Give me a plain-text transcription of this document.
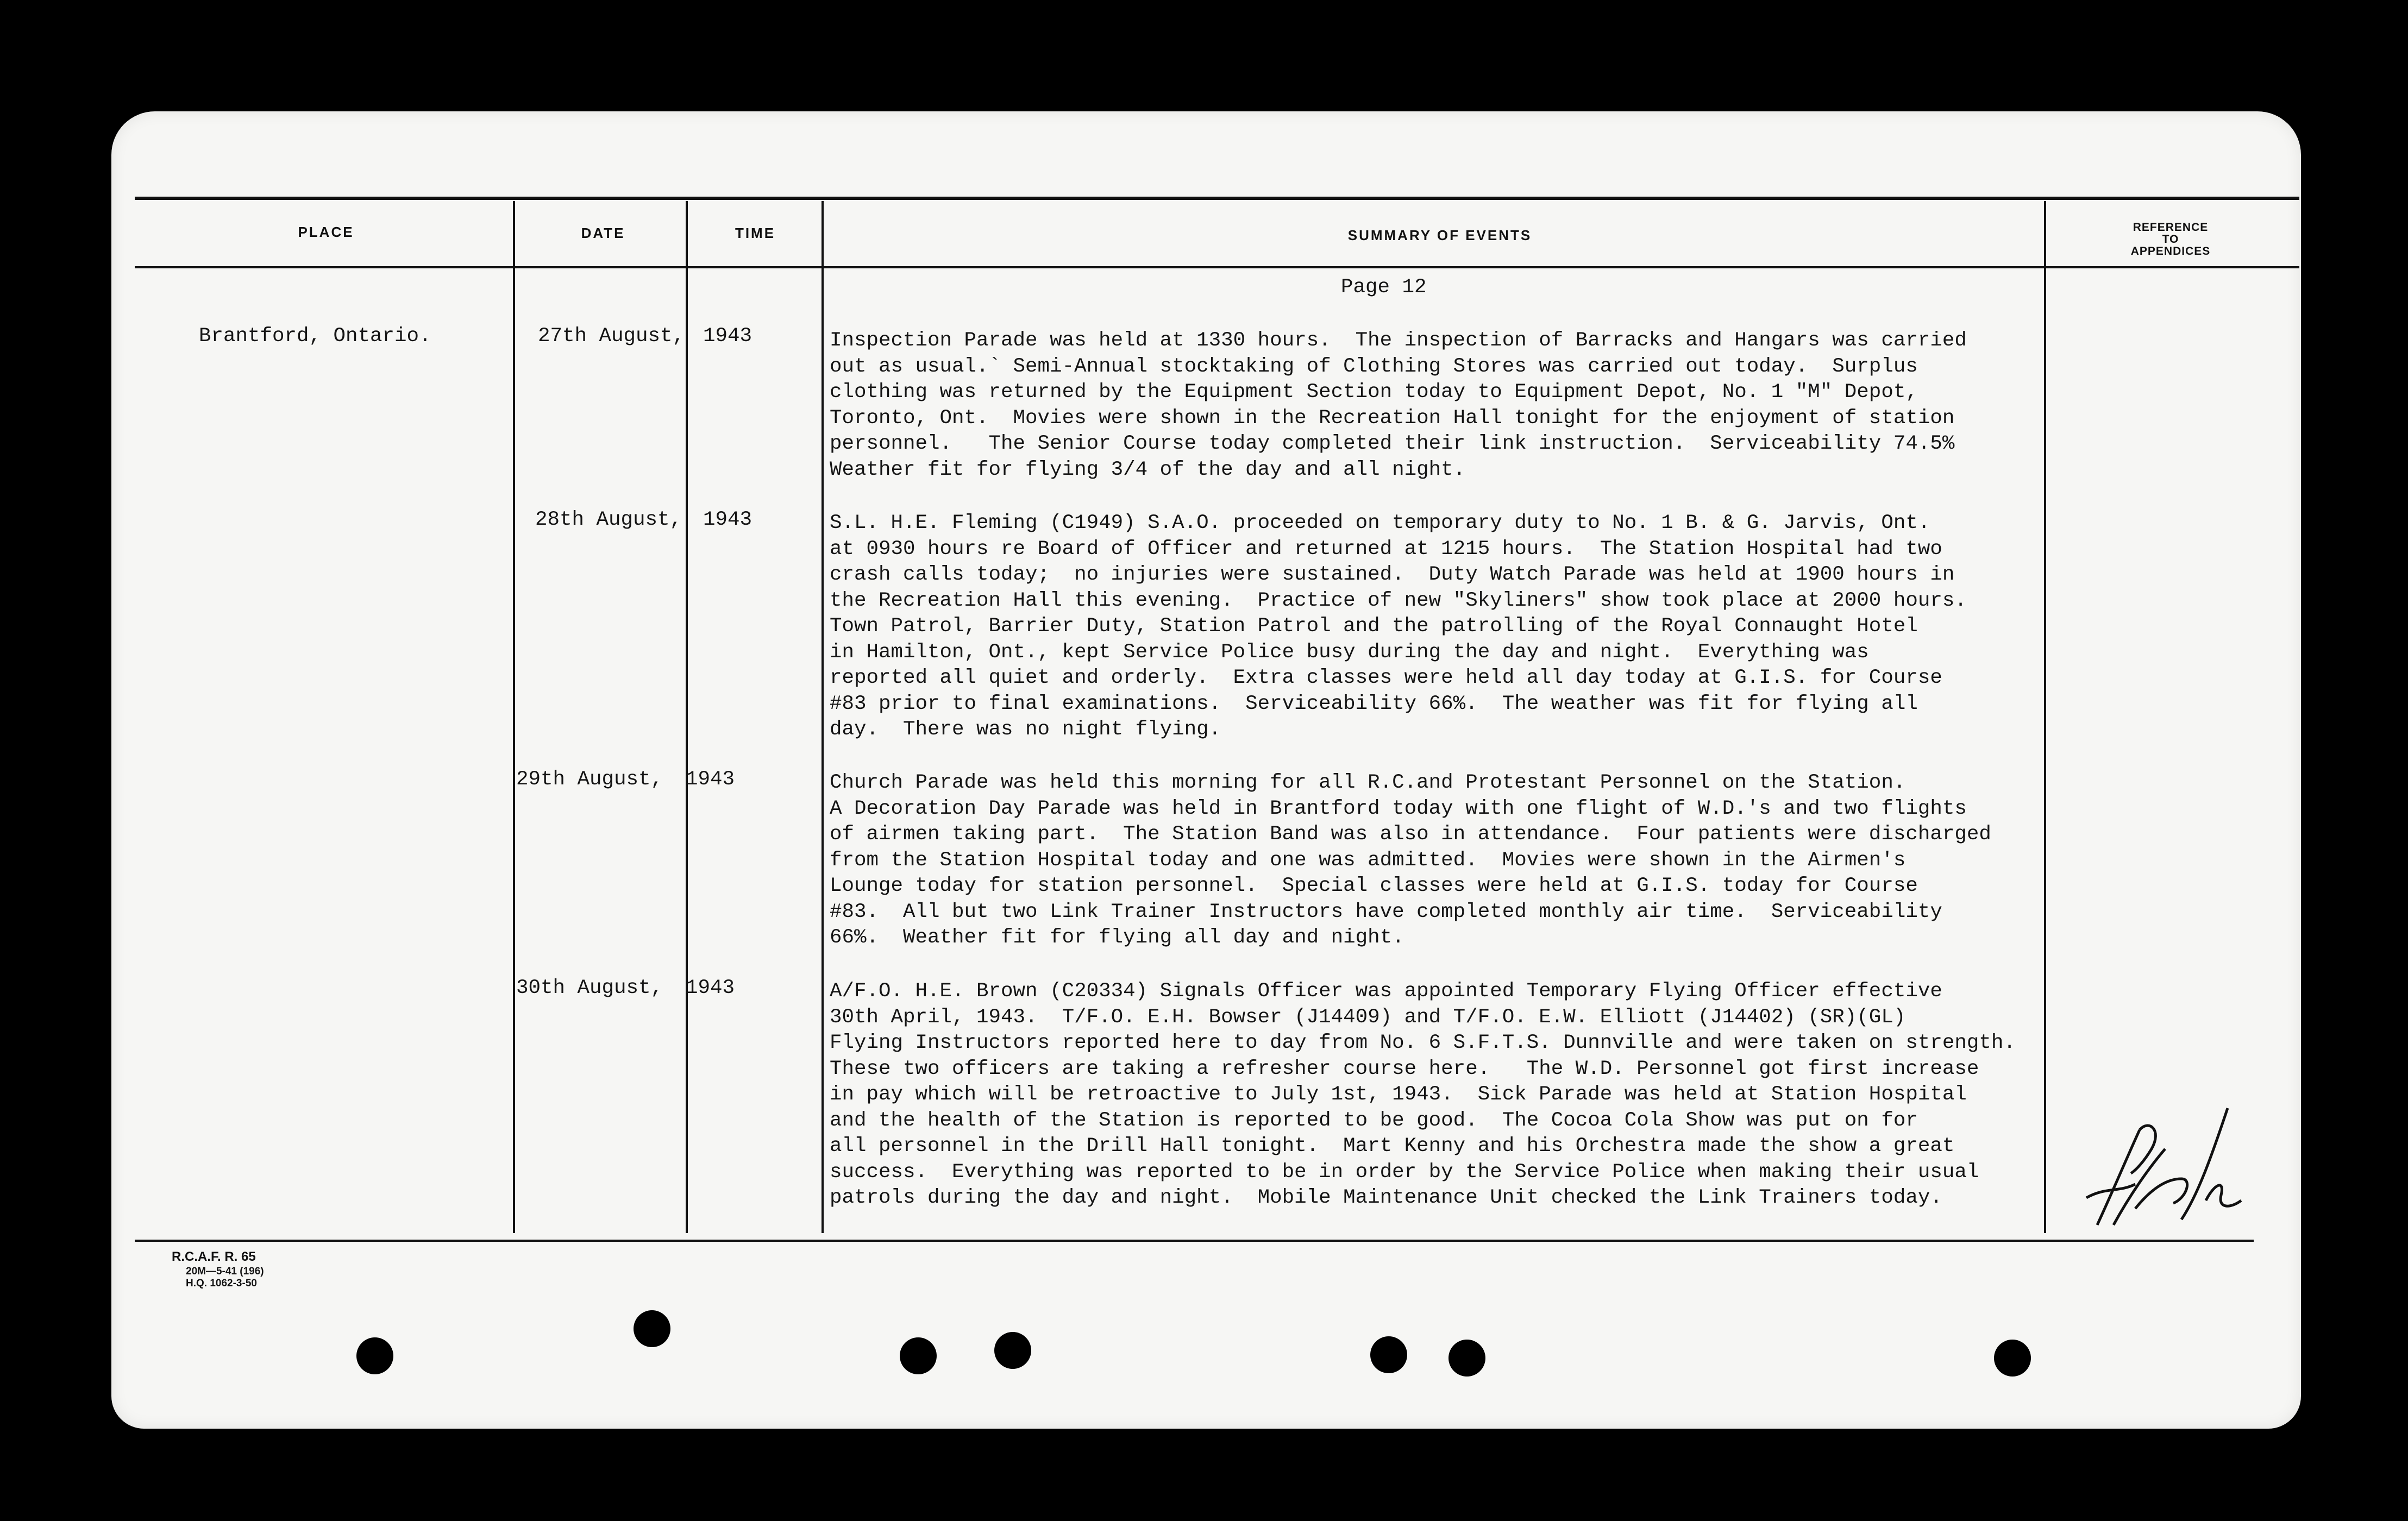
PLACE	DATE	TIME	SUMMARY OF EVENTS	REFERENCE
TO
APPENDICES
Page 12
Brantford, Ontario.	27th August, 1943	Inspection Parade was held at 1330 hours.  The inspection of Barracks and Hangars was carried
out as usual.` Semi-Annual stocktaking of Clothing Stores was carried out today.  Surplus
clothing was returned by the Equipment Section today to Equipment Depot, No. 1 "M" Depot,
Toronto, Ont.  Movies were shown in the Recreation Hall tonight for the enjoyment of station
personnel.   The Senior Course today completed their link instruction.  Serviceability 74.5%
Weather fit for flying 3/4 of the day and all night.
28th August, 1943	S.L. H.E. Fleming (C1949) S.A.O. proceeded on temporary duty to No. 1 B. & G. Jarvis, Ont.
at 0930 hours re Board of Officer and returned at 1215 hours.  The Station Hospital had two
crash calls today;  no injuries were sustained.  Duty Watch Parade was held at 1900 hours in
the Recreation Hall this evening.  Practice of new "Skyliners" show took place at 2000 hours.
Town Patrol, Barrier Duty, Station Patrol and the patrolling of the Royal Connaught Hotel
in Hamilton, Ont., kept Service Police busy during the day and night.  Everything was
reported all quiet and orderly.  Extra classes were held all day today at G.I.S. for Course
#83 prior to final examinations.  Serviceability 66%.  The weather was fit for flying all
day.  There was no night flying.
29th August, 1943	Church Parade was held this morning for all R.C.and Protestant Personnel on the Station.
A Decoration Day Parade was held in Brantford today with one flight of W.D.'s and two flights
of airmen taking part.  The Station Band was also in attendance.  Four patients were discharged
from the Station Hospital today and one was admitted.  Movies were shown in the Airmen's
Lounge today for station personnel.  Special classes were held at G.I.S. today for Course
#83.  All but two Link Trainer Instructors have completed monthly air time.  Serviceability
66%.  Weather fit for flying all day and night.
30th August, 1943	A/F.O. H.E. Brown (C20334) Signals Officer was appointed Temporary Flying Officer effective
30th April, 1943.  T/F.O. E.H. Bowser (J14409) and T/F.O. E.W. Elliott (J14402) (SR)(GL)
Flying Instructors reported here to day from No. 6 S.F.T.S. Dunnville and were taken on strength.
These two officers are taking a refresher course here.   The W.D. Personnel got first increase
in pay which will be retroactive to July 1st, 1943.  Sick Parade was held at Station Hospital
and the health of the Station is reported to be good.  The Cocoa Cola Show was put on for
all personnel in the Drill Hall tonight.  Mart Kenny and his Orchestra made the show a great
success.  Everything was reported to be in order by the Service Police when making their usual
patrols during the day and night.  Mobile Maintenance Unit checked the Link Trainers today.
R.C.A.F. R. 65
20M—5-41 (196)
H.Q. 1062-3-50
